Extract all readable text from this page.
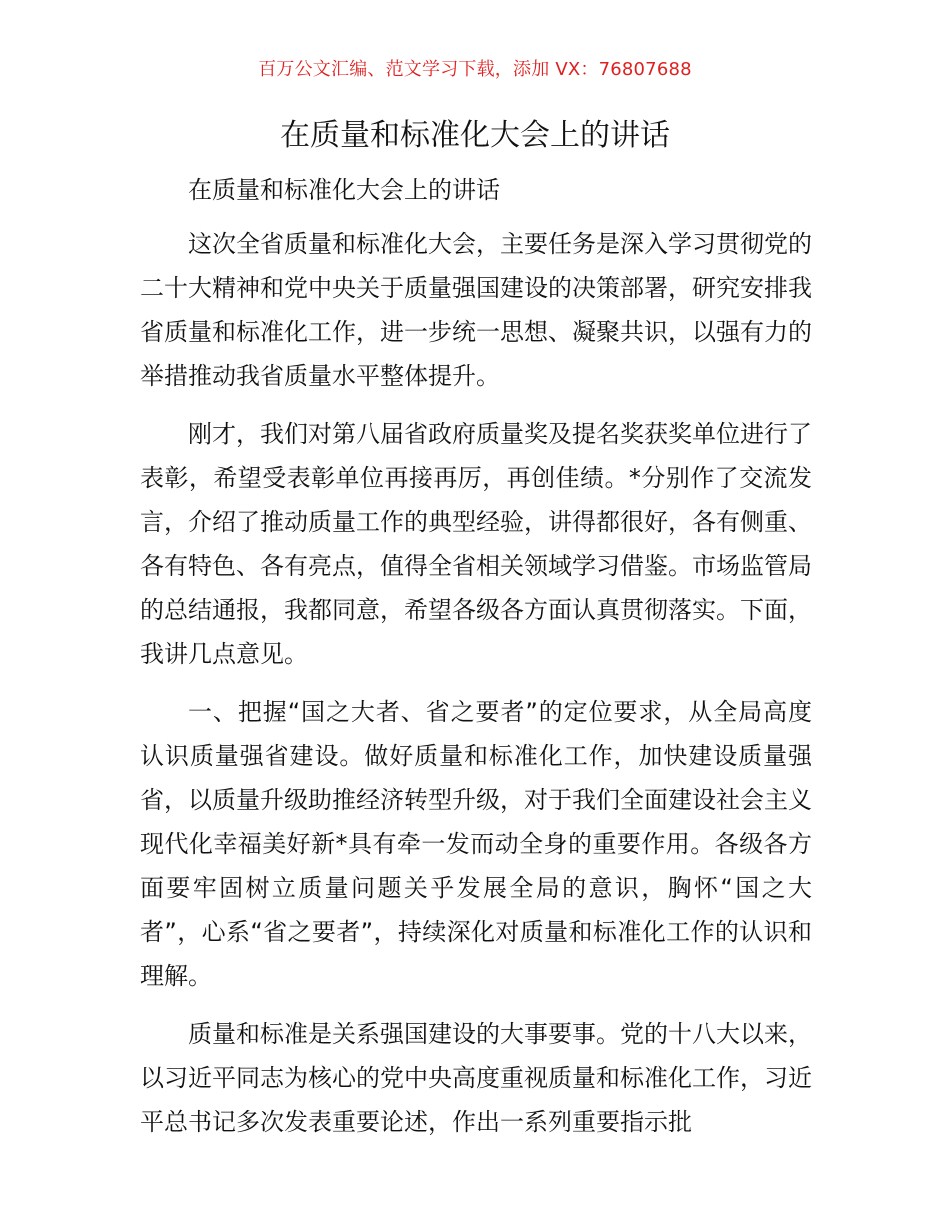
百万公文汇编、范文学习下载，添加 VX：76807688
在质量和标准化大会上的讲话

在质量和标准化大会上的讲话

这次全省质量和标准化大会，主要任务是深入学习贯彻党的二十大精神和党中央关于质量强国建设的决策部署，研究安排我省质量和标准化工作，进一步统一思想、凝聚共识，以强有力的举措推动我省质量水平整体提升。

刚才，我们对第八届省政府质量奖及提名奖获奖单位进行了表彰，希望受表彰单位再接再厉，再创佳绩。*分别作了交流发言，介绍了推动质量工作的典型经验，讲得都很好，各有侧重、各有特色、各有亮点，值得全省相关领域学习借鉴。市场监管局的总结通报，我都同意，希望各级各方面认真贯彻落实。下面，我讲几点意见。

一、把握“国之大者、省之要者”的定位要求，从全局高度认识质量强省建设。做好质量和标准化工作，加快建设质量强省，以质量升级助推经济转型升级，对于我们全面建设社会主义现代化幸福美好新*具有牵一发而动全身的重要作用。各级各方面要牢固树立质量问题关乎发展全局的意识，胸怀“国之大者”，心系“省之要者”，持续深化对质量和标准化工作的认识和理解。

质量和标准是关系强国建设的大事要事。党的十八大以来，以习近平同志为核心的党中央高度重视质量和标准化工作，习近平总书记多次发表重要论述，作出一系列重要指示批
